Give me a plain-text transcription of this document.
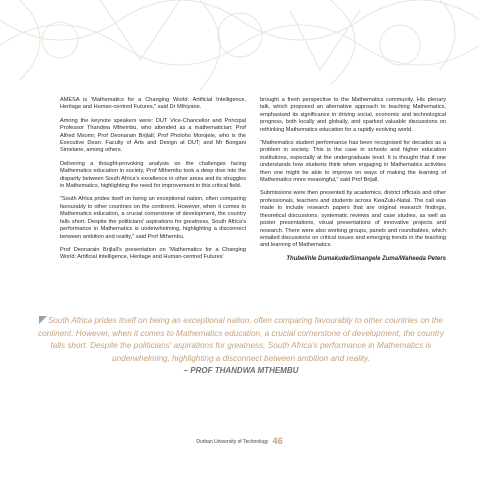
AMESA is 'Mathematics for a Changing World: Artificial Intelligence, Heritage and Human-centred Futures," said Dr Mthiyane.

Among the keynote speakers were: DUT Vice-Chancellor and Principal Professor Thandwa Mthembu, who attended as a mathematician; Prof Alfred Msomi; Prof Deonarain Brijlall; Prof Pholoho Morojele, who is the Executive Dean: Faculty of Arts and Design at DUT; and Mr Bongani Simelane, among others.

Delivering a thought-provoking analysis on the challenges facing Mathematics education in society, Prof Mthembu took a deep dive into the disparity between South Africa's excellence in other areas and its struggles in Mathematics, highlighting the need for improvement in this critical field.

"South Africa prides itself on being an exceptional nation, often comparing favourably to other countries on the continent. However, when it comes to Mathematics education, a crucial cornerstone of development, the country falls short. Despite the politicians' aspirations for greatness, South Africa's performance in Mathematics is underwhelming, highlighting a disconnect between ambition and reality," said Prof Mthembu.

Prof Deonarain Brijlall's presentation on 'Mathematics for a Changing World: Artificial Intelligence, Heritage and Human-centred Futures'

brought a fresh perspective to the Mathematics community. His plenary talk, which proposed an alternative approach to teaching Mathematics, emphasised its significance in driving social, economic and technological progress, both locally and globally, and sparked valuable discussions on rethinking Mathematics education for a rapidly evolving world.

"Mathematics student performance has been recognised for decades as a problem in society. This is the case in schools and higher education institutions, especially at the undergraduate level. It is thought that if one understands how students think when engaging in Mathematics activities then one might be able to improve on ways of making the learning of Mathematics more meaningful," said Prof Brijall.

Submissions were then presented by academics, district officials and other professionals, teachers and students across KwaZulu-Natal. The call was made to include research papers that are original research findings, theoretical discussions, systematic reviews and case studies, as well as poster presentations, visual presentations of innovative projects and research. There were also working groups, panels and roundtables, which entailed discussions on critical issues and emerging trends in the teaching and learning of Mathematics.

Thubelihle Dumakude/Simangele Zuma/Waheeda Peters
South Africa prides itself on being an exceptional nation, often comparing favourably to other countries on the continent. However, when it comes to Mathematics education, a crucial cornerstone of development, the country falls short. Despite the politicians' aspirations for greatness, South Africa's performance in Mathematics is underwhelming, highlighting a disconnect between ambition and reality.
– PROF THANDWA MTHEMBU
Durban University of Technology 46
